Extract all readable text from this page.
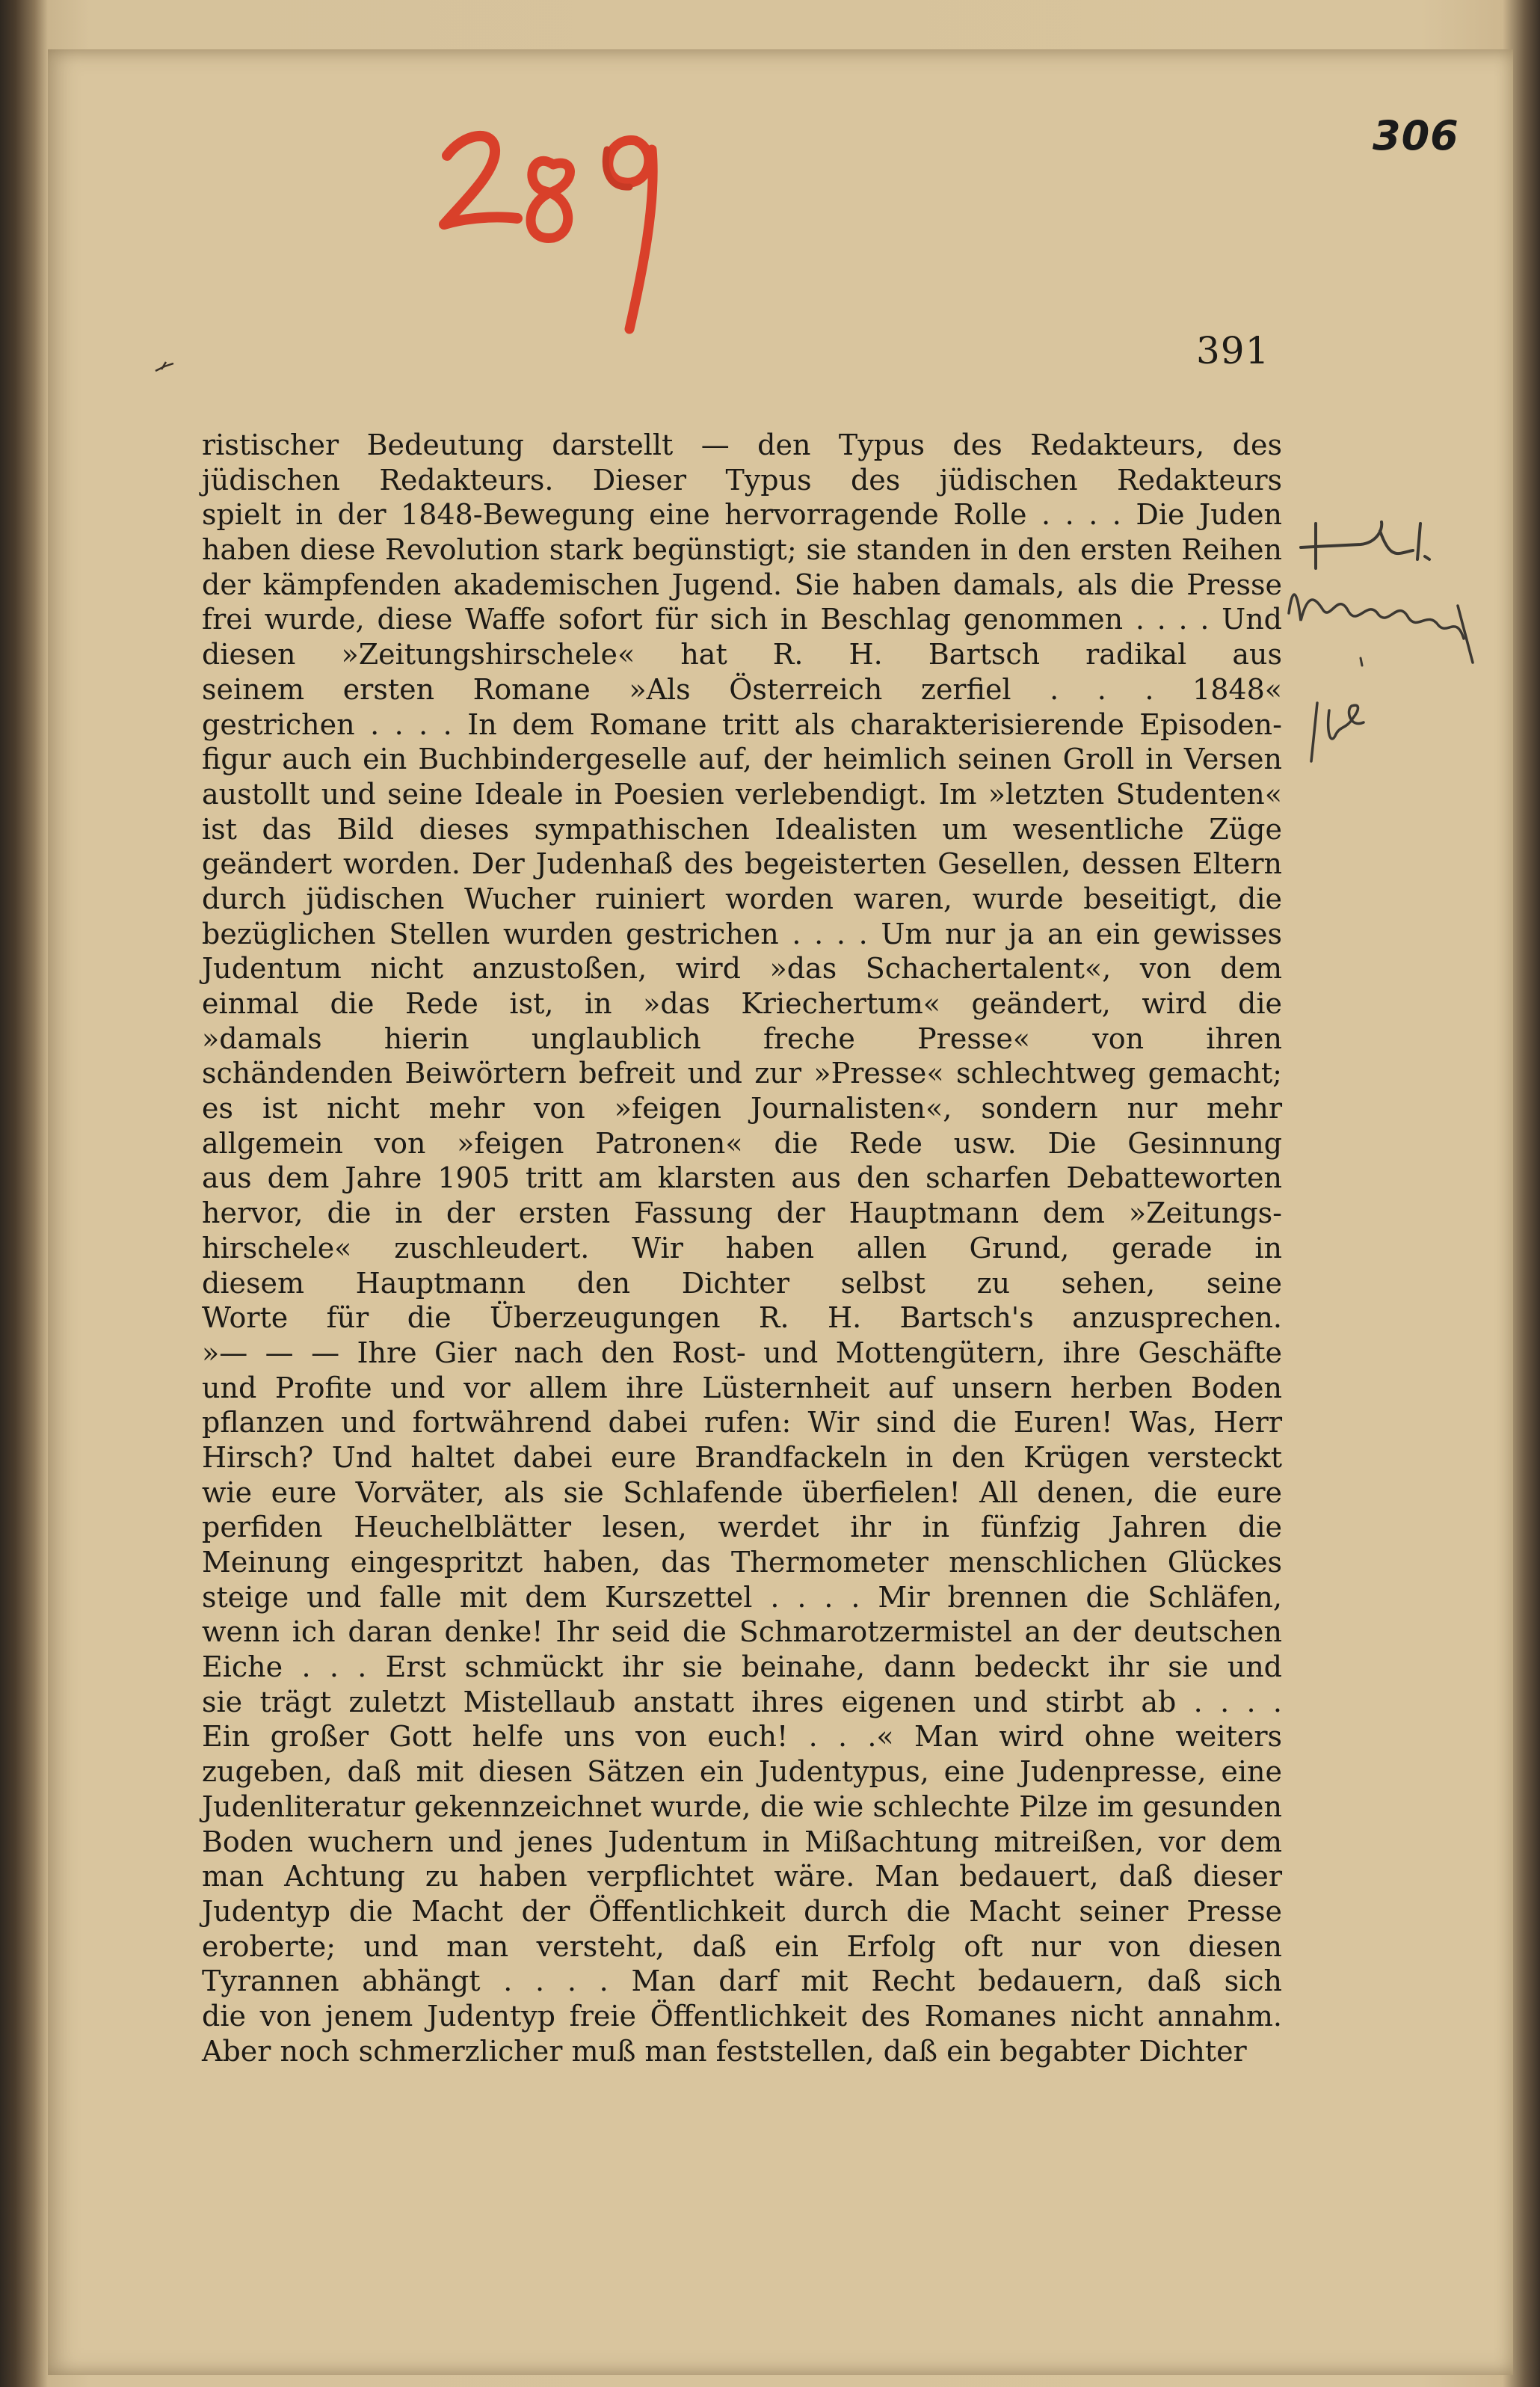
306
391
ristischer Bedeutung darstellt — den Typus des Redakteurs, des
jüdischen Redakteurs. Dieser Typus des jüdischen Redakteurs
spielt in der 1848-Bewegung eine hervorragende Rolle . . . . Die Juden
haben diese Revolution stark begünstigt; sie standen in den ersten Reihen
der kämpfenden akademischen Jugend. Sie haben damals, als die Presse
frei wurde, diese Waffe sofort für sich in Beschlag genommen . . . . Und
diesen »Zeitungshirschele« hat R. H. Bartsch radikal aus
seinem ersten Romane »Als Österreich zerfiel . . . 1848«
gestrichen . . . . In dem Romane tritt als charakterisierende Episoden-
figur auch ein Buchbindergeselle auf, der heimlich seinen Groll in Versen
austollt und seine Ideale in Poesien verlebendigt. Im »letzten Studenten«
ist das Bild dieses sympathischen Idealisten um wesentliche Züge
geändert worden. Der Judenhaß des begeisterten Gesellen, dessen Eltern
durch jüdischen Wucher ruiniert worden waren, wurde beseitigt, die
bezüglichen Stellen wurden gestrichen . . . . Um nur ja an ein gewisses
Judentum nicht anzustoßen, wird »das Schachertalent«, von dem
einmal die Rede ist, in »das Kriechertum« geändert, wird die
»damals hierin unglaublich freche Presse« von ihren
schändenden Beiwörtern befreit und zur »Presse« schlechtweg gemacht;
es ist nicht mehr von »feigen Journalisten«, sondern nur mehr
allgemein von »feigen Patronen« die Rede usw. Die Gesinnung
aus dem Jahre 1905 tritt am klarsten aus den scharfen Debatteworten
hervor, die in der ersten Fassung der Hauptmann dem »Zeitungs-
hirschele« zuschleudert. Wir haben allen Grund, gerade in
diesem Hauptmann den Dichter selbst zu sehen, seine
Worte für die Überzeugungen R. H. Bartsch's anzusprechen.
»— — — Ihre Gier nach den Rost- und Mottengütern, ihre Geschäfte
und Profite und vor allem ihre Lüsternheit auf unsern herben Boden
pflanzen und fortwährend dabei rufen: Wir sind die Euren! Was, Herr
Hirsch? Und haltet dabei eure Brandfackeln in den Krügen versteckt
wie eure Vorväter, als sie Schlafende überfielen! All denen, die eure
perfiden Heuchelblätter lesen, werdet ihr in fünfzig Jahren die
Meinung eingespritzt haben, das Thermometer menschlichen Glückes
steige und falle mit dem Kurszettel . . . . Mir brennen die Schläfen,
wenn ich daran denke! Ihr seid die Schmarotzermistel an der deutschen
Eiche . . . Erst schmückt ihr sie beinahe, dann bedeckt ihr sie und
sie trägt zuletzt Mistellaub anstatt ihres eigenen und stirbt ab . . . .
Ein großer Gott helfe uns von euch! . . .« Man wird ohne weiters
zugeben, daß mit diesen Sätzen ein Judentypus, eine Judenpresse, eine
Judenliteratur gekennzeichnet wurde, die wie schlechte Pilze im gesunden
Boden wuchern und jenes Judentum in Mißachtung mitreißen, vor dem
man Achtung zu haben verpflichtet wäre. Man bedauert, daß dieser
Judentyp die Macht der Öffentlichkeit durch die Macht seiner Presse
eroberte; und man versteht, daß ein Erfolg oft nur von diesen
Tyrannen abhängt . . . . Man darf mit Recht bedauern, daß sich
die von jenem Judentyp freie Öffentlichkeit des Romanes nicht annahm.
Aber noch schmerzlicher muß man feststellen, daß ein begabter Dichter
